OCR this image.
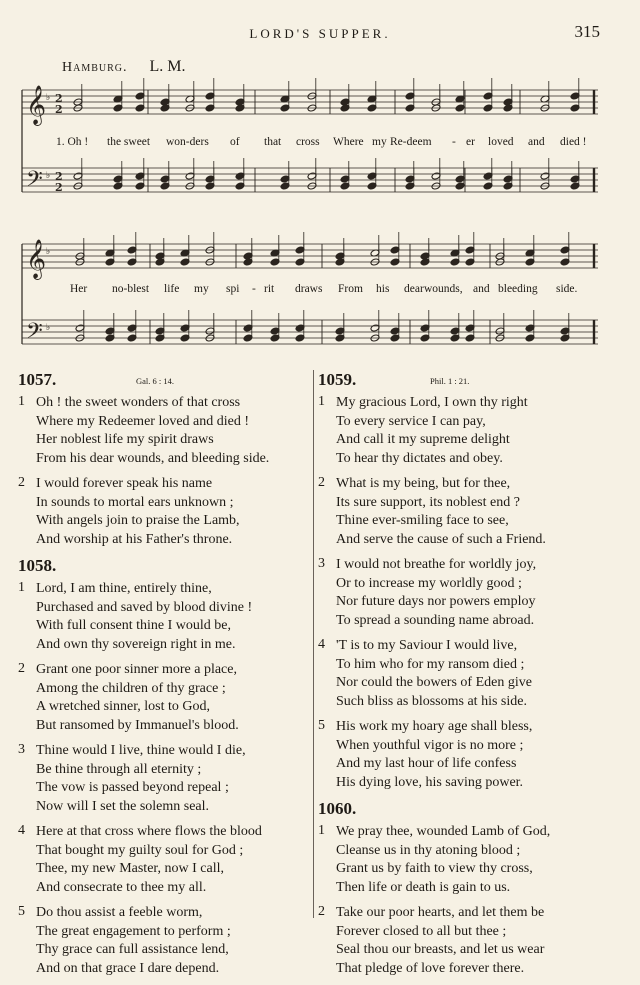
LORD'S SUPPER.	315
Hamburg. L. M.
𝄞
𝄢
𝄞
𝄢
♭
♭
♭
♭
2
2
2
2
1. Oh ! the sweet won-ders of that cross Where my Re-deem - er loved and died !
Her no-blest life my spi - rit draws From his dear wounds, and bleeding side.
1057.	Gal. 6 : 14.
1 Oh ! the sweet wonders of that cross
Where my Redeemer loved and died !
Her noblest life my spirit draws
From his dear wounds, and bleeding side.
2 I would forever speak his name
In sounds to mortal ears unknown ;
With angels join to praise the Lamb,
And worship at his Father's throne.
1058.
1 Lord, I am thine, entirely thine,
Purchased and saved by blood divine !
With full consent thine I would be,
And own thy sovereign right in me.
2 Grant one poor sinner more a place,
Among the children of thy grace ;
A wretched sinner, lost to God,
But ransomed by Immanuel's blood.
3 Thine would I live, thine would I die,
Be thine through all eternity ;
The vow is passed beyond repeal ;
Now will I set the solemn seal.
4 Here at that cross where flows the blood
That bought my guilty soul for God ;
Thee, my new Master, now I call,
And consecrate to thee my all.
5 Do thou assist a feeble worm,
The great engagement to perform ;
Thy grace can full assistance lend,
And on that grace I dare depend.
1059.	Phil. 1 : 21.
1 My gracious Lord, I own thy right
To every service I can pay,
And call it my supreme delight
To hear thy dictates and obey.
2 What is my being, but for thee,
Its sure support, its noblest end ?
Thine ever-smiling face to see,
And serve the cause of such a Friend.
3 I would not breathe for worldly joy,
Or to increase my worldly good ;
Nor future days nor powers employ
To spread a sounding name abroad.
4 'T is to my Saviour I would live,
To him who for my ransom died ;
Nor could the bowers of Eden give
Such bliss as blossoms at his side.
5 His work my hoary age shall bless,
When youthful vigor is no more ;
And my last hour of life confess
His dying love, his saving power.
1060.
1 We pray thee, wounded Lamb of God,
Cleanse us in thy atoning blood ;
Grant us by faith to view thy cross,
Then life or death is gain to us.
2 Take our poor hearts, and let them be
Forever closed to all but thee ;
Seal thou our breasts, and let us wear
That pledge of love forever there.
